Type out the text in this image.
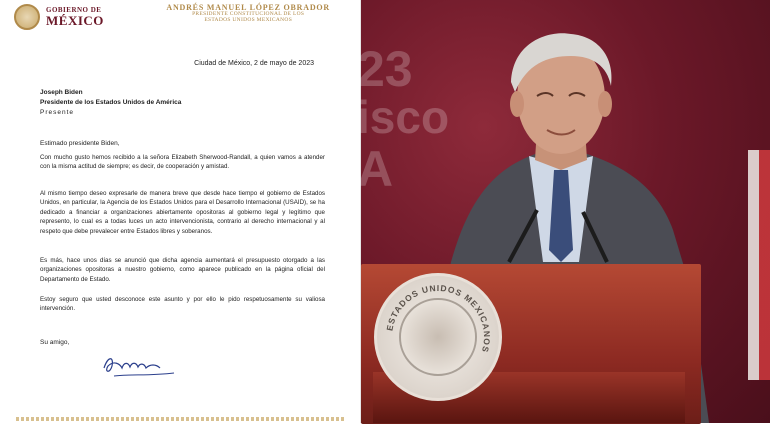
GOBIERNO DE
MÉXICO
ANDRÉS MANUEL LÓPEZ OBRADOR
PRESIDENTE CONSTITUCIONAL DE LOS
ESTADOS UNIDOS MEXICANOS
Ciudad de México, 2 de mayo de 2023
Joseph Biden
Presidente de los Estados Unidos de América
Presente
Estimado presidente Biden,
Con mucho gusto hemos recibido a la señora Elizabeth Sherwood-Randall, a quien vamos a atender con la misma actitud de siempre; es decir, de cooperación y amistad.
Al mismo tiempo deseo expresarle de manera breve que desde hace tiempo el gobierno de Estados Unidos, en particular, la Agencia de los Estados Unidos para el Desarrollo Internacional (USAID), se ha dedicado a financiar a organizaciones abiertamente opositoras al gobierno legal y legítimo que represento, lo cual es a todas luces un acto intervencionista, contrario al derecho internacional y al respeto que debe prevalecer entre Estados libres y soberanos.
Es más, hace unos días se anunció que dicha agencia aumentará el presupuesto otorgado a las organizaciones opositoras a nuestro gobierno, como aparece publicado en la página oficial del Departamento de Estado.
Estoy seguro que usted desconoce este asunto y por ello le pido respetuosamente su valiosa intervención.
Su amigo,
23
isco
A
ESTADOS UNIDOS MEXICANOS
